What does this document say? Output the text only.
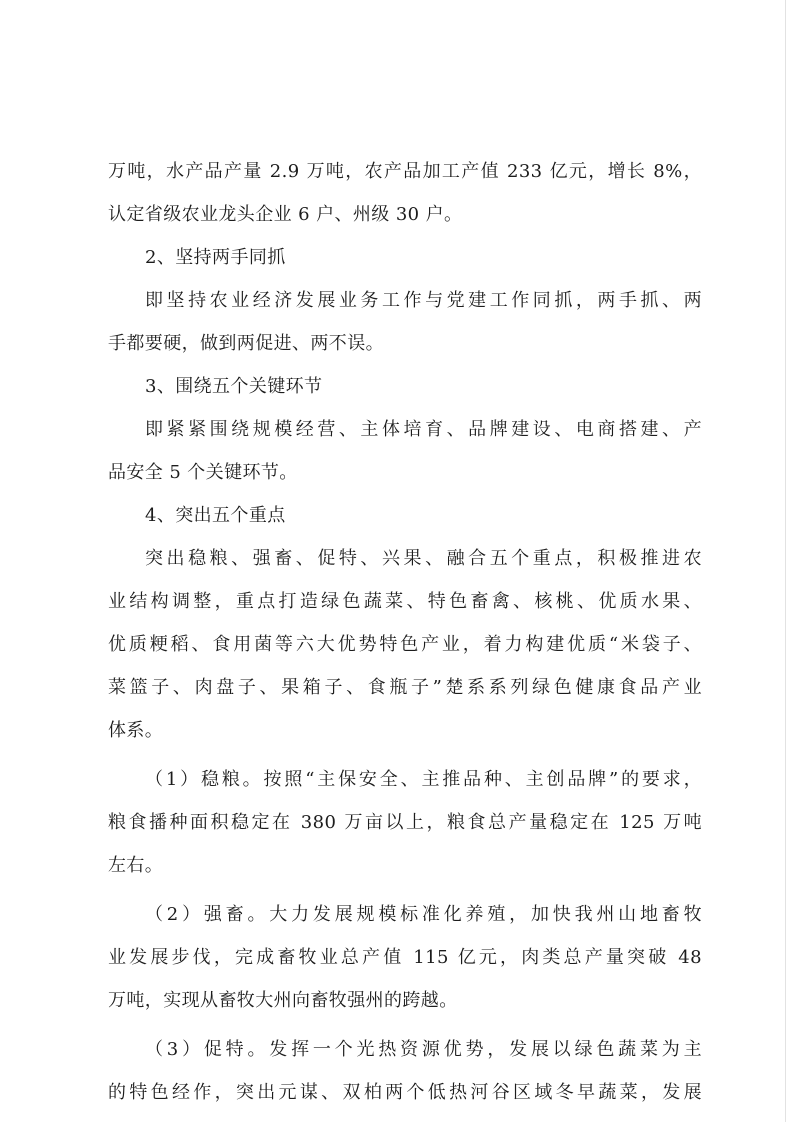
万吨，水产品产量 2.9 万吨，农产品加工产值 233 亿元，增长 8%，
认定省级农业龙头企业 6 户、州级 30 户。
2、坚持两手同抓
即坚持农业经济发展业务工作与党建工作同抓，两手抓、两
手都要硬，做到两促进、两不误。
3、围绕五个关键环节
即紧紧围绕规模经营、主体培育、品牌建设、电商搭建、产
品安全 5 个关键环节。
4、突出五个重点
突出稳粮、强畜、促特、兴果、融合五个重点，积极推进农
业结构调整，重点打造绿色蔬菜、特色畜禽、核桃、优质水果、
优质粳稻、食用菌等六大优势特色产业，着力构建优质“米袋子、
菜篮子、肉盘子、果箱子、食瓶子”楚系系列绿色健康食品产业
体系。
（1）稳粮。按照“主保安全、主推品种、主创品牌”的要求，
粮食播种面积稳定在 380 万亩以上，粮食总产量稳定在 125 万吨
左右。
（2）强畜。大力发展规模标准化养殖，加快我州山地畜牧
业发展步伐，完成畜牧业总产值 115 亿元，肉类总产量突破 48
万吨，实现从畜牧大州向畜牧强州的跨越。
（3）促特。发挥一个光热资源优势，发展以绿色蔬菜为主
的特色经作，突出元谋、双柏两个低热河谷区域冬早蔬菜，发展
